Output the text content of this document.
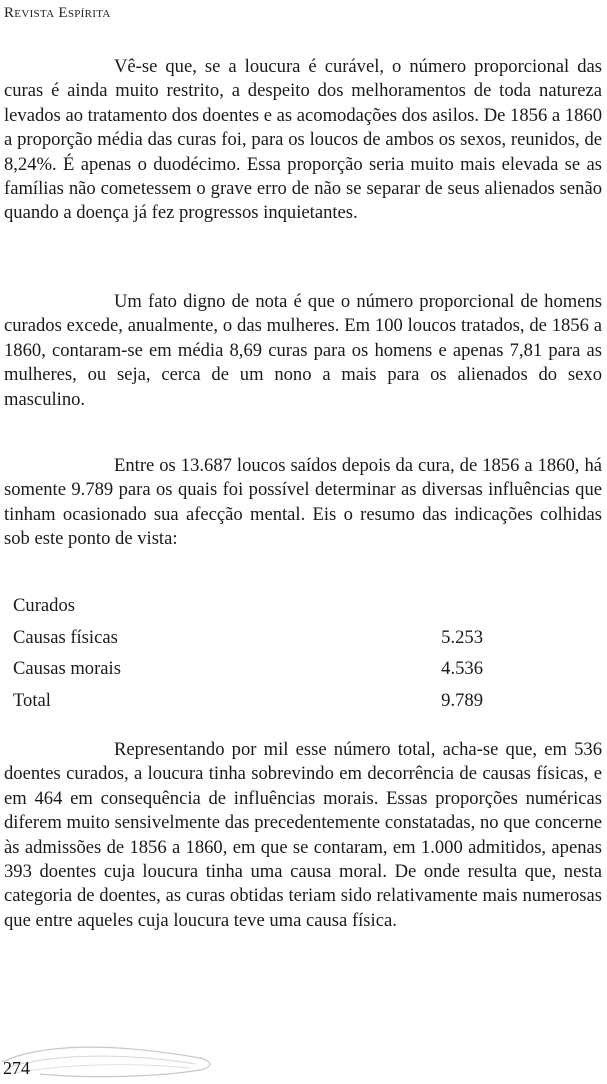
Revista Espírita

Vê-se que, se a loucura é curável, o número proporcional das curas é ainda muito restrito, a despeito dos melhoramentos de toda natureza levados ao tratamento dos doentes e as acomodações dos asilos. De 1856 a 1860 a proporção média das curas foi, para os loucos de ambos os sexos, reunidos, de 8,24%. É apenas o duodécimo. Essa proporção seria muito mais elevada se as famílias não cometessem o grave erro de não se separar de seus alienados senão quando a doença já fez progressos inquietantes.

Um fato digno de nota é que o número proporcional de homens curados excede, anualmente, o das mulheres. Em 100 loucos tratados, de 1856 a 1860, contaram-se em média 8,69 curas para os homens e apenas 7,81 para as mulheres, ou seja, cerca de um nono a mais para os alienados do sexo masculino.

Entre os 13.687 loucos saídos depois da cura, de 1856 a 1860, há somente 9.789 para os quais foi possível determinar as diversas influências que tinham ocasionado sua afecção mental. Eis o resumo das indicações colhidas sob este ponto de vista:

Curados	
Causas físicas	5.253
Causas morais	4.536
Total	9.789

Representando por mil esse número total, acha-se que, em 536 doentes curados, a loucura tinha sobrevindo em decorrência de causas físicas, e em 464 em consequência de influências morais. Essas proporções numéricas diferem muito sensivelmente das precedentemente constatadas, no que concerne às admissões de 1856 a 1860, em que se contaram, em 1.000 admitidos, apenas 393 doentes cuja loucura tinha uma causa moral. De onde resulta que, nesta categoria de doentes, as curas obtidas teriam sido relativamente mais numerosas que entre aqueles cuja loucura teve uma causa física.

274
